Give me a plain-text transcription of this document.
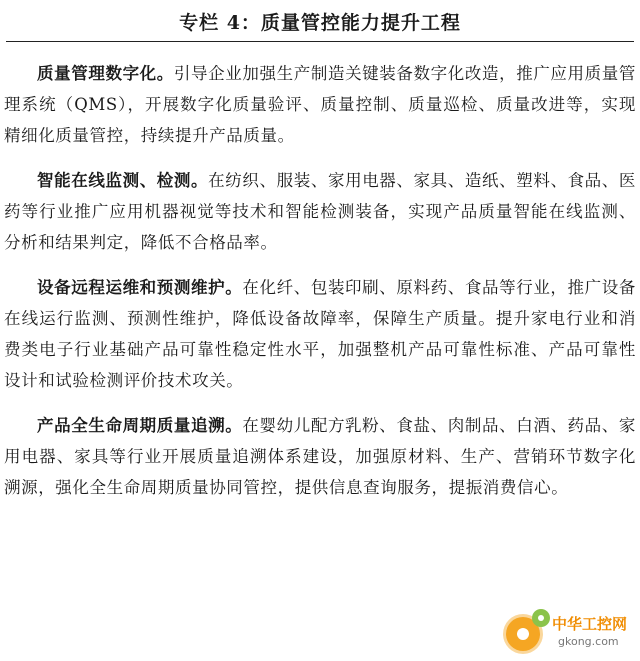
专栏 4：质量管控能力提升工程

质量管理数字化。引导企业加强生产制造关键装备数字化改造，推广应用质量管理系统（QMS），开展数字化质量验评、质量控制、质量巡检、质量改进等，实现精细化质量管控，持续提升产品质量。

智能在线监测、检测。在纺织、服装、家用电器、家具、造纸、塑料、食品、医药等行业推广应用机器视觉等技术和智能检测装备，实现产品质量智能在线监测、分析和结果判定，降低不合格品率。

设备远程运维和预测维护。在化纤、包装印刷、原料药、食品等行业，推广设备在线运行监测、预测性维护，降低设备故障率，保障生产质量。提升家电行业和消费类电子行业基础产品可靠性稳定性水平，加强整机产品可靠性标准、产品可靠性设计和试验检测评价技术攻关。

产品全生命周期质量追溯。在婴幼儿配方乳粉、食盐、肉制品、白酒、药品、家用电器、家具等行业开展质量追溯体系建设，加强原材料、生产、营销环节数字化溯源，强化全生命周期质量协同管控，提供信息查询服务，提振消费信心。

中华工控网
gkong.com
